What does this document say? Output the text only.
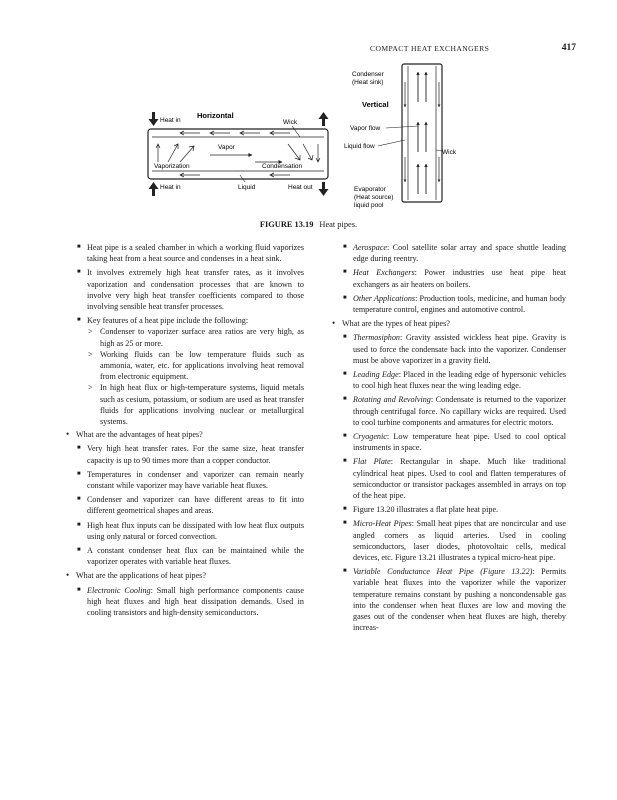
COMPACT HEAT EXCHANGERS	417
Horizontal
Heat in	Wick
Vapor
Vaporization	Condensation
Heat in	Liquid	Heat out
Condenser
(Heat sink)
Vertical
Vapor flow
Liquid flow
Wick
Evaporator
(Heat source)
liquid pool
FIGURE 13.19 Heat pipes.
■ Heat pipe is a sealed chamber in which a working fluid vaporizes taking heat from a heat source and condenses in a heat sink.
■ It involves extremely high heat transfer rates, as it involves vaporization and condensation processes that are known to involve very high heat transfer coefficients compared to those involving sensible heat transfer processes.
■ Key features of a heat pipe include the following:
> Condenser to vaporizer surface area ratios are very high, as high as 25 or more.
> Working fluids can be low temperature fluids such as ammonia, water, etc. for applications involving heat removal from electronic equipment.
> In high heat flux or high-temperature systems, liquid metals such as cesium, potassium, or sodium are used as heat transfer fluids for applications involving nuclear or metallurgical systems.
• What are the advantages of heat pipes?
■ Very high heat transfer rates. For the same size, heat transfer capacity is up to 90 times more than a copper conductor.
■ Temperatures in condenser and vaporizer can remain nearly constant while vaporizer may have variable heat fluxes.
■ Condenser and vaporizer can have different areas to fit into different geometrical shapes and areas.
■ High heat flux inputs can be dissipated with low heat flux outputs using only natural or forced convection.
■ A constant condenser heat flux can be maintained while the vaporizer operates with variable heat fluxes.
• What are the applications of heat pipes?
■ Electronic Cooling: Small high performance components cause high heat fluxes and high heat dissipation demands. Used in cooling transistors and high-density semiconductors.
■ Aerospace: Cool satellite solar array and space shuttle leading edge during reentry.
■ Heat Exchangers: Power industries use heat pipe heat exchangers as air heaters on boilers.
■ Other Applications: Production tools, medicine, and human body temperature control, engines and automotive control.
• What are the types of heat pipes?
■ Thermosiphon: Gravity assisted wickless heat pipe. Gravity is used to force the condensate back into the vaporizer. Condenser must be above vaporizer in a gravity field.
■ Leading Edge: Placed in the leading edge of hypersonic vehicles to cool high heat fluxes near the wing leading edge.
■ Rotating and Revolving: Condensate is returned to the vaporizer through centrifugal force. No capillary wicks are required. Used to cool turbine components and armatures for electric motors.
■ Cryogenic: Low temperature heat pipe. Used to cool optical instruments in space.
■ Flat Plate: Rectangular in shape. Much like traditional cylindrical heat pipes. Used to cool and flatten temperatures of semiconductor or transistor packages assembled in arrays on top of the heat pipe.
■ Figure 13.20 illustrates a flat plate heat pipe.
■ Micro-Heat Pipes: Small heat pipes that are noncircular and use angled corners as liquid arteries. Used in cooling semiconductors, laser diodes, photovoltaic cells, medical devices, etc. Figure 13.21 illustrates a typical micro-heat pipe.
■ Variable Conductance Heat Pipe (Figure 13.22): Permits variable heat fluxes into the vaporizer while the vaporizer temperature remains constant by pushing a noncondensable gas into the condenser when heat fluxes are low and moving the gases out of the condenser when heat fluxes are high, thereby increas-
